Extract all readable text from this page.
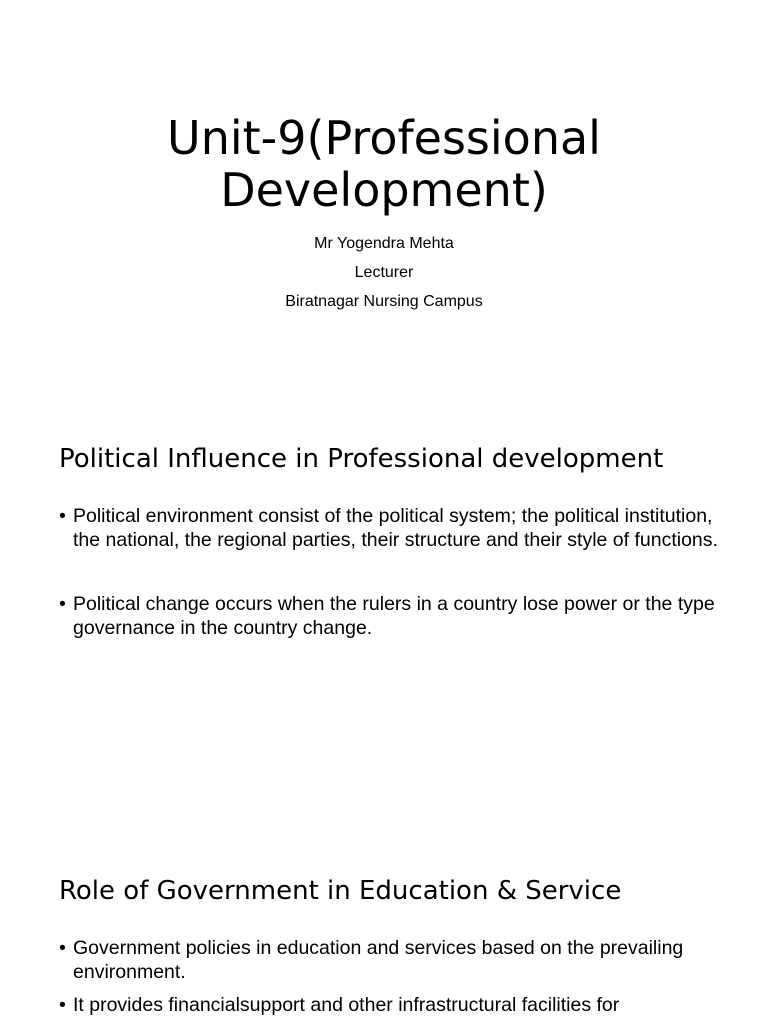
Unit-9(Professional
Development)
Mr Yogendra Mehta
Lecturer
Biratnagar Nursing Campus
Political Influence in Professional development
• Political environment consist of the political system; the political institution, the national, the regional parties, their structure and their style of functions.
• Political change occurs when the rulers in a country lose power or the type governance in the country change.
Role of Government in Education & Service
• Government policies in education and services based on the prevailing environment.
• It provides financialsupport and other infrastructural facilities for
